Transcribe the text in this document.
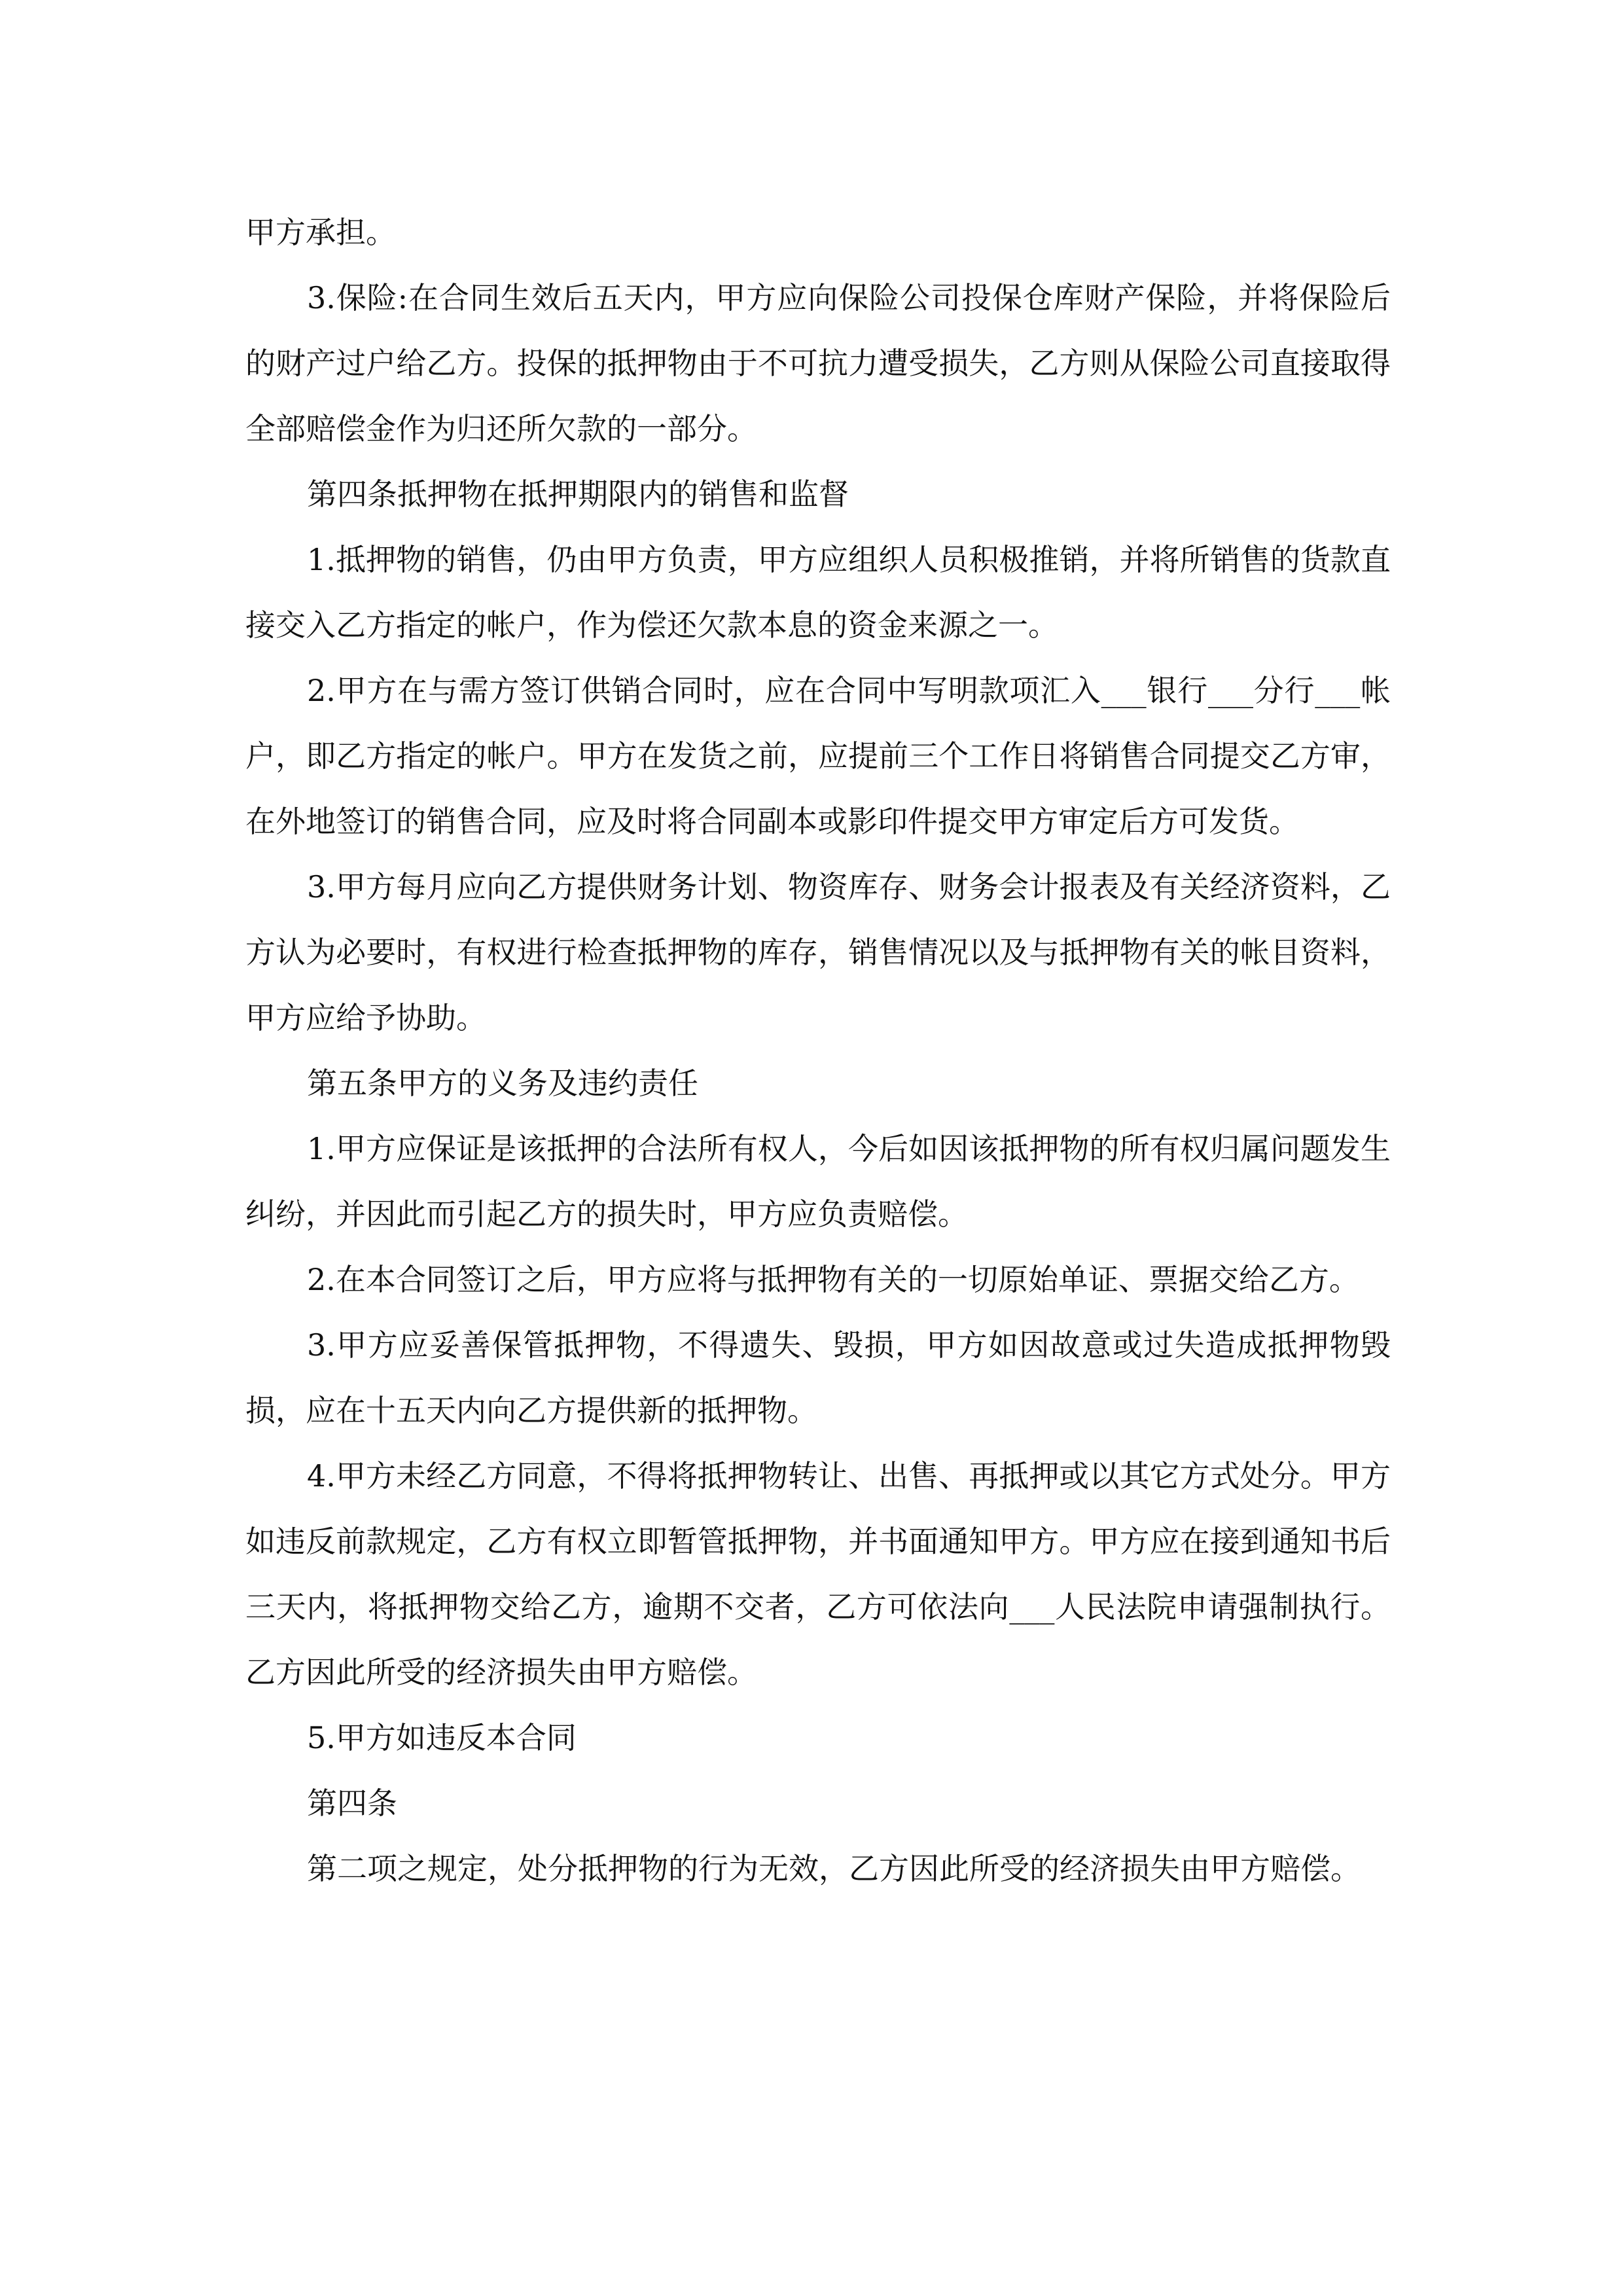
甲方承担。

3.保险:在合同生效后五天内，甲方应向保险公司投保仓库财产保险，并将保险后的财产过户给乙方。投保的抵押物由于不可抗力遭受损失，乙方则从保险公司直接取得全部赔偿金作为归还所欠款的一部分。

第四条抵押物在抵押期限内的销售和监督

1.抵押物的销售，仍由甲方负责，甲方应组织人员积极推销，并将所销售的货款直接交入乙方指定的帐户，作为偿还欠款本息的资金来源之一。

2.甲方在与需方签订供销合同时，应在合同中写明款项汇入___银行___分行___帐户，即乙方指定的帐户。甲方在发货之前，应提前三个工作日将销售合同提交乙方审，在外地签订的销售合同，应及时将合同副本或影印件提交甲方审定后方可发货。

3.甲方每月应向乙方提供财务计划、物资库存、财务会计报表及有关经济资料，乙方认为必要时，有权进行检查抵押物的库存，销售情况以及与抵押物有关的帐目资料，甲方应给予协助。

第五条甲方的义务及违约责任

1.甲方应保证是该抵押的合法所有权人，今后如因该抵押物的所有权归属问题发生纠纷，并因此而引起乙方的损失时，甲方应负责赔偿。

2.在本合同签订之后，甲方应将与抵押物有关的一切原始单证、票据交给乙方。

3.甲方应妥善保管抵押物，不得遗失、毁损，甲方如因故意或过失造成抵押物毁损，应在十五天内向乙方提供新的抵押物。

4.甲方未经乙方同意，不得将抵押物转让、出售、再抵押或以其它方式处分。甲方如违反前款规定，乙方有权立即暂管抵押物，并书面通知甲方。甲方应在接到通知书后三天内，将抵押物交给乙方，逾期不交者，乙方可依法向___人民法院申请强制执行。乙方因此所受的经济损失由甲方赔偿。

5.甲方如违反本合同

第四条

第二项之规定，处分抵押物的行为无效，乙方因此所受的经济损失由甲方赔偿。
